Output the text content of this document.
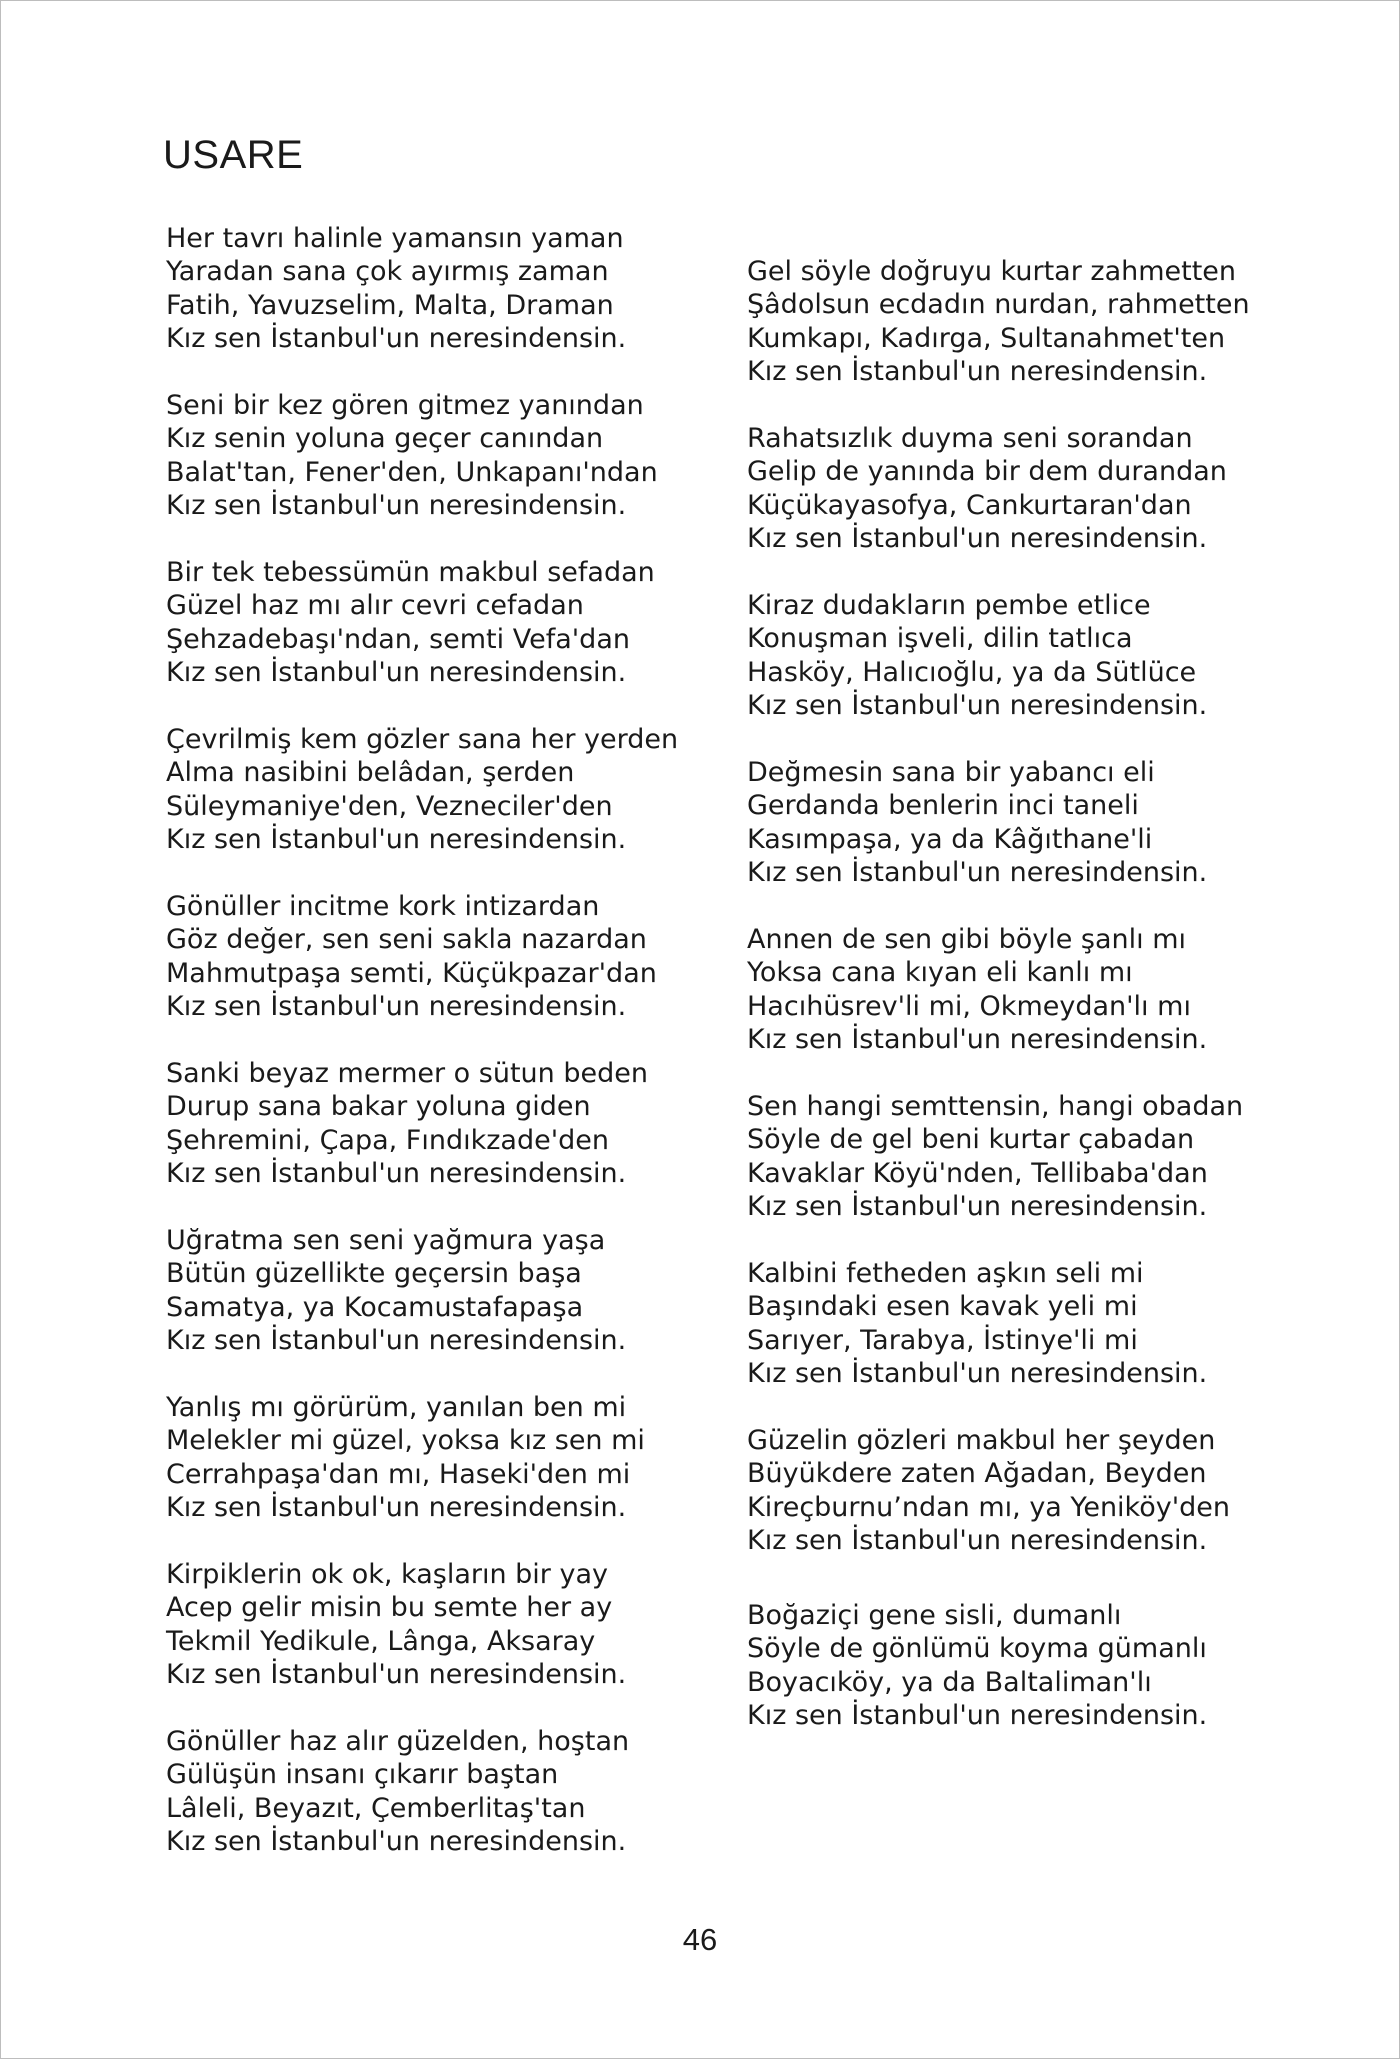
USARE
Her tavrı halinle yamansın yaman
Yaradan sana çok ayırmış zaman
Fatih, Yavuzselim, Malta, Draman
Kız sen İstanbul'un neresindensin.
Seni bir kez gören gitmez yanından
Kız senin yoluna geçer canından
Balat'tan, Fener'den, Unkapanı'ndan
Kız sen İstanbul'un neresindensin.
Bir tek tebessümün makbul sefadan
Güzel haz mı alır cevri cefadan
Şehzadebaşı'ndan, semti Vefa'dan
Kız sen İstanbul'un neresindensin.
Çevrilmiş kem gözler sana her yerden
Alma nasibini belâdan, şerden
Süleymaniye'den, Vezneciler'den
Kız sen İstanbul'un neresindensin.
Gönüller incitme kork intizardan
Göz değer, sen seni sakla nazardan
Mahmutpaşa semti, Küçükpazar'dan
Kız sen İstanbul'un neresindensin.
Sanki beyaz mermer o sütun beden
Durup sana bakar yoluna giden
Şehremini, Çapa, Fındıkzade'den
Kız sen İstanbul'un neresindensin.
Uğratma sen seni yağmura yaşa
Bütün güzellikte geçersin başa
Samatya, ya Kocamustafapaşa
Kız sen İstanbul'un neresindensin.
Yanlış mı görürüm, yanılan ben mi
Melekler mi güzel, yoksa kız sen mi
Cerrahpaşa'dan mı, Haseki'den mi
Kız sen İstanbul'un neresindensin.
Kirpiklerin ok ok, kaşların bir yay
Acep gelir misin bu semte her ay
Tekmil Yedikule, Lânga, Aksaray
Kız sen İstanbul'un neresindensin.
Gönüller haz alır güzelden, hoştan
Gülüşün insanı çıkarır baştan
Lâleli, Beyazıt, Çemberlitaş'tan
Kız sen İstanbul'un neresindensin.
Gel söyle doğruyu kurtar zahmetten
Şâdolsun ecdadın nurdan, rahmetten
Kumkapı, Kadırga, Sultanahmet'ten
Kız sen İstanbul'un neresindensin.
Rahatsızlık duyma seni sorandan
Gelip de yanında bir dem durandan
Küçükayasofya, Cankurtaran'dan
Kız sen İstanbul'un neresindensin.
Kiraz dudakların pembe etlice
Konuşman işveli, dilin tatlıca
Hasköy, Halıcıoğlu, ya da Sütlüce
Kız sen İstanbul'un neresindensin.
Değmesin sana bir yabancı eli
Gerdanda benlerin inci taneli
Kasımpaşa, ya da Kâğıthane'li
Kız sen İstanbul'un neresindensin.
Annen de sen gibi böyle şanlı mı
Yoksa cana kıyan eli kanlı mı
Hacıhüsrev'li mi, Okmeydan'lı mı
Kız sen İstanbul'un neresindensin.
Sen hangi semttensin, hangi obadan
Söyle de gel beni kurtar çabadan
Kavaklar Köyü'nden, Tellibaba'dan
Kız sen İstanbul'un neresindensin.
Kalbini fetheden aşkın seli mi
Başındaki esen kavak yeli mi
Sarıyer, Tarabya, İstinye'li mi
Kız sen İstanbul'un neresindensin.
Güzelin gözleri makbul her şeyden
Büyükdere zaten Ağadan, Beyden
Kireçburnu’ndan mı, ya Yeniköy'den
Kız sen İstanbul'un neresindensin.
Boğaziçi gene sisli, dumanlı
Söyle de gönlümü koyma gümanlı
Boyacıköy, ya da Baltaliman'lı
Kız sen İstanbul'un neresindensin.
46
